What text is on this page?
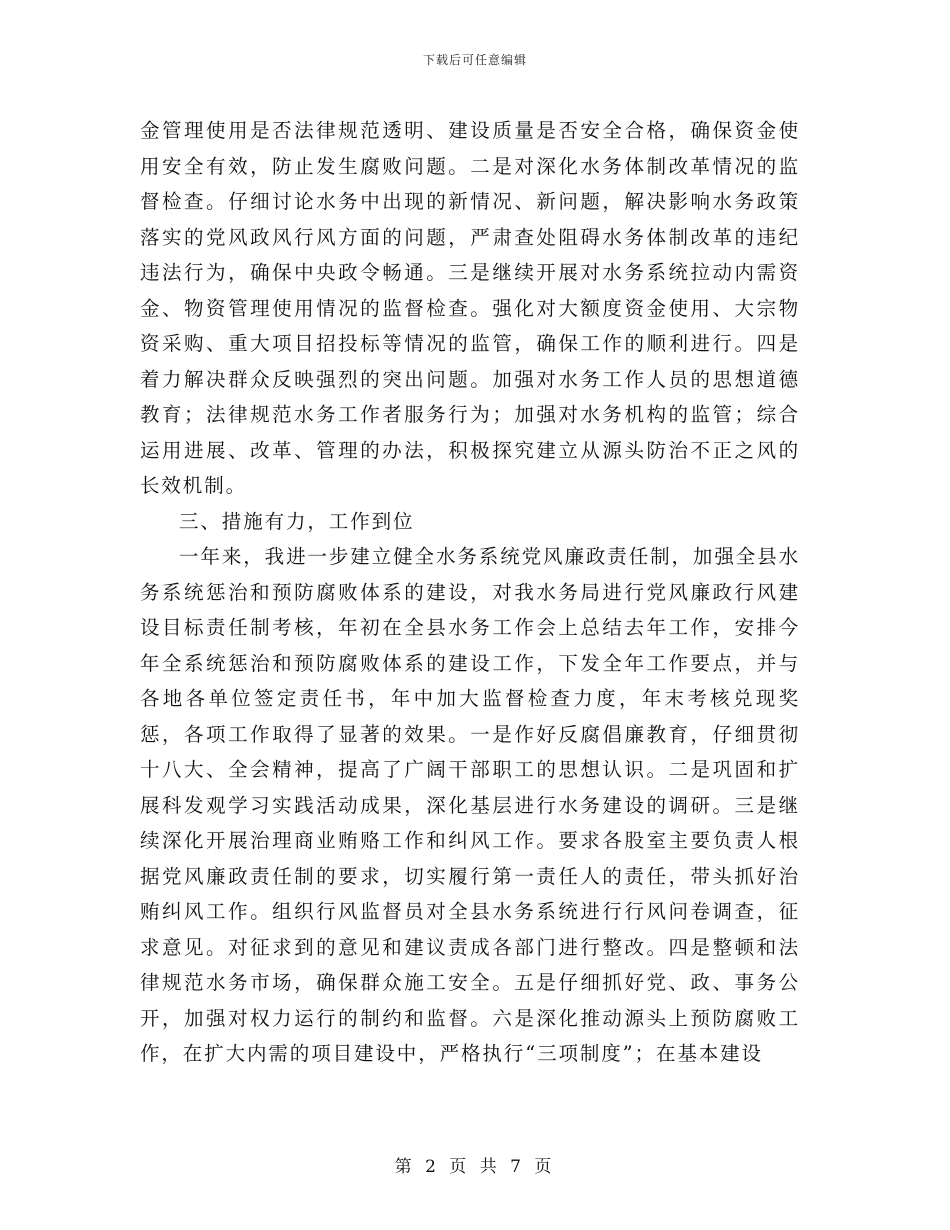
下载后可任意编辑

金管理使用是否法律规范透明、建设质量是否安全合格，确保资金使用安全有效，防止发生腐败问题。二是对深化水务体制改革情况的监督检查。仔细讨论水务中出现的新情况、新问题，解决影响水务政策落实的党风政风行风方面的问题，严肃查处阻碍水务体制改革的违纪违法行为，确保中央政令畅通。三是继续开展对水务系统拉动内需资金、物资管理使用情况的监督检查。强化对大额度资金使用、大宗物资采购、重大项目招投标等情况的监管，确保工作的顺利进行。四是着力解决群众反映强烈的突出问题。加强对水务工作人员的思想道德教育；法律规范水务工作者服务行为；加强对水务机构的监管；综合运用进展、改革、管理的办法，积极探究建立从源头防治不正之风的长效机制。

三、措施有力，工作到位

一年来，我进一步建立健全水务系统党风廉政责任制，加强全县水务系统惩治和预防腐败体系的建设，对我水务局进行党风廉政行风建设目标责任制考核，年初在全县水务工作会上总结去年工作，安排今年全系统惩治和预防腐败体系的建设工作，下发全年工作要点，并与各地各单位签定责任书，年中加大监督检查力度，年末考核兑现奖惩，各项工作取得了显著的效果。一是作好反腐倡廉教育，仔细贯彻十八大、全会精神，提高了广阔干部职工的思想认识。二是巩固和扩展科发观学习实践活动成果，深化基层进行水务建设的调研。三是继续深化开展治理商业贿赂工作和纠风工作。要求各股室主要负责人根据党风廉政责任制的要求，切实履行第一责任人的责任，带头抓好治贿纠风工作。组织行风监督员对全县水务系统进行行风问卷调查，征求意见。对征求到的意见和建议责成各部门进行整改。四是整顿和法律规范水务市场，确保群众施工安全。五是仔细抓好党、政、事务公开，加强对权力运行的制约和监督。六是深化推动源头上预防腐败工作，在扩大内需的项目建设中，严格执行“三项制度”；在基本建设

第 2 页 共 7 页
